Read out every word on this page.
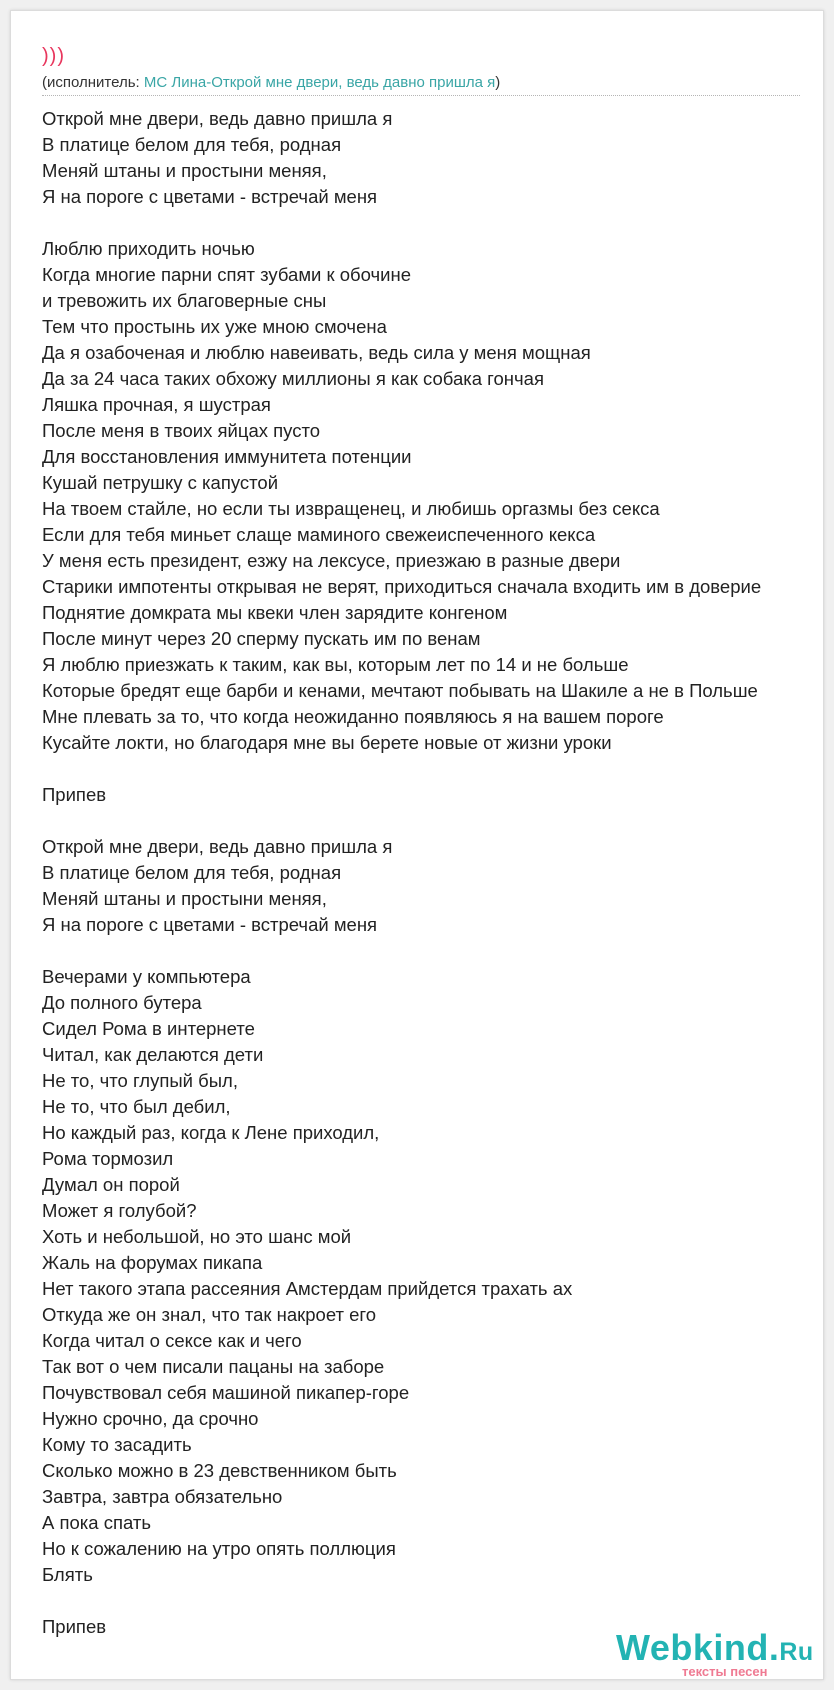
)))
(исполнитель: МС Лина-Открой мне двери, ведь давно пришла я)
Открой мне двери, ведь давно пришла я
В платице белом для тебя, родная
Меняй штаны и простыни меняя,
Я на пороге с цветами - встречай меня
Люблю приходить ночью
Когда многие парни спят зубами к обочине
и тревожить их благоверные сны
Тем что простынь их уже мною смочена
Да я озабоченая и люблю навеивать, ведь сила у меня мощная
Да за 24 часа таких обхожу миллионы я как собака гончая
Ляшка прочная, я шустрая
После меня в твоих яйцах пусто
Для восстановления иммунитета потенции
Кушай петрушку с капустой
На твоем стайле, но если ты извращенец, и любишь оргазмы без секса
Если для тебя миньет слаще маминого свежеиспеченного кекса
У меня есть президент, езжу на лексусе, приезжаю в разные двери
Старики импотенты открывая не верят, приходиться сначала входить им в доверие
Поднятие домкрата мы квеки член зарядите конгеном
После минут через 20 сперму пускать им по венам
Я люблю приезжать к таким, как вы, которым лет по 14 и не больше
Которые бредят еще барби и кенами, мечтают побывать на Шакиле а не в Польше
Мне плевать за то, что когда неожиданно появляюсь я на вашем пороге
Кусайте локти, но благодаря мне вы берете новые от жизни уроки
Припев
Открой мне двери, ведь давно пришла я
В платице белом для тебя, родная
Меняй штаны и простыни меняя,
Я на пороге с цветами - встречай меня
Вечерами у компьютера
До полного бутера
Сидел Рома в интернете
Читал, как делаются дети
Не то, что глупый был,
Не то, что был дебил,
Но каждый раз, когда к Лене приходил,
Рома тормозил
Думал он порой
Может я голубой?
Хоть и небольшой, но это шанс мой
Жаль на форумах пикапа
Нет такого этапа рассеяния Амстердам прийдется трахать ах
Откуда же он знал, что так накроет его
Когда читал о сексе как и чего
Так вот о чем писали пацаны на заборе
Почувствовал себя машиной пикапер-горе
Нужно срочно, да срочно
Кому то засадить
Сколько можно в 23 девственником быть
Завтра, завтра обязательно
А пока спать
Но к сожалению на утро опять поллюция
Блять
Припев
Webkind.Ru
тексты песен
